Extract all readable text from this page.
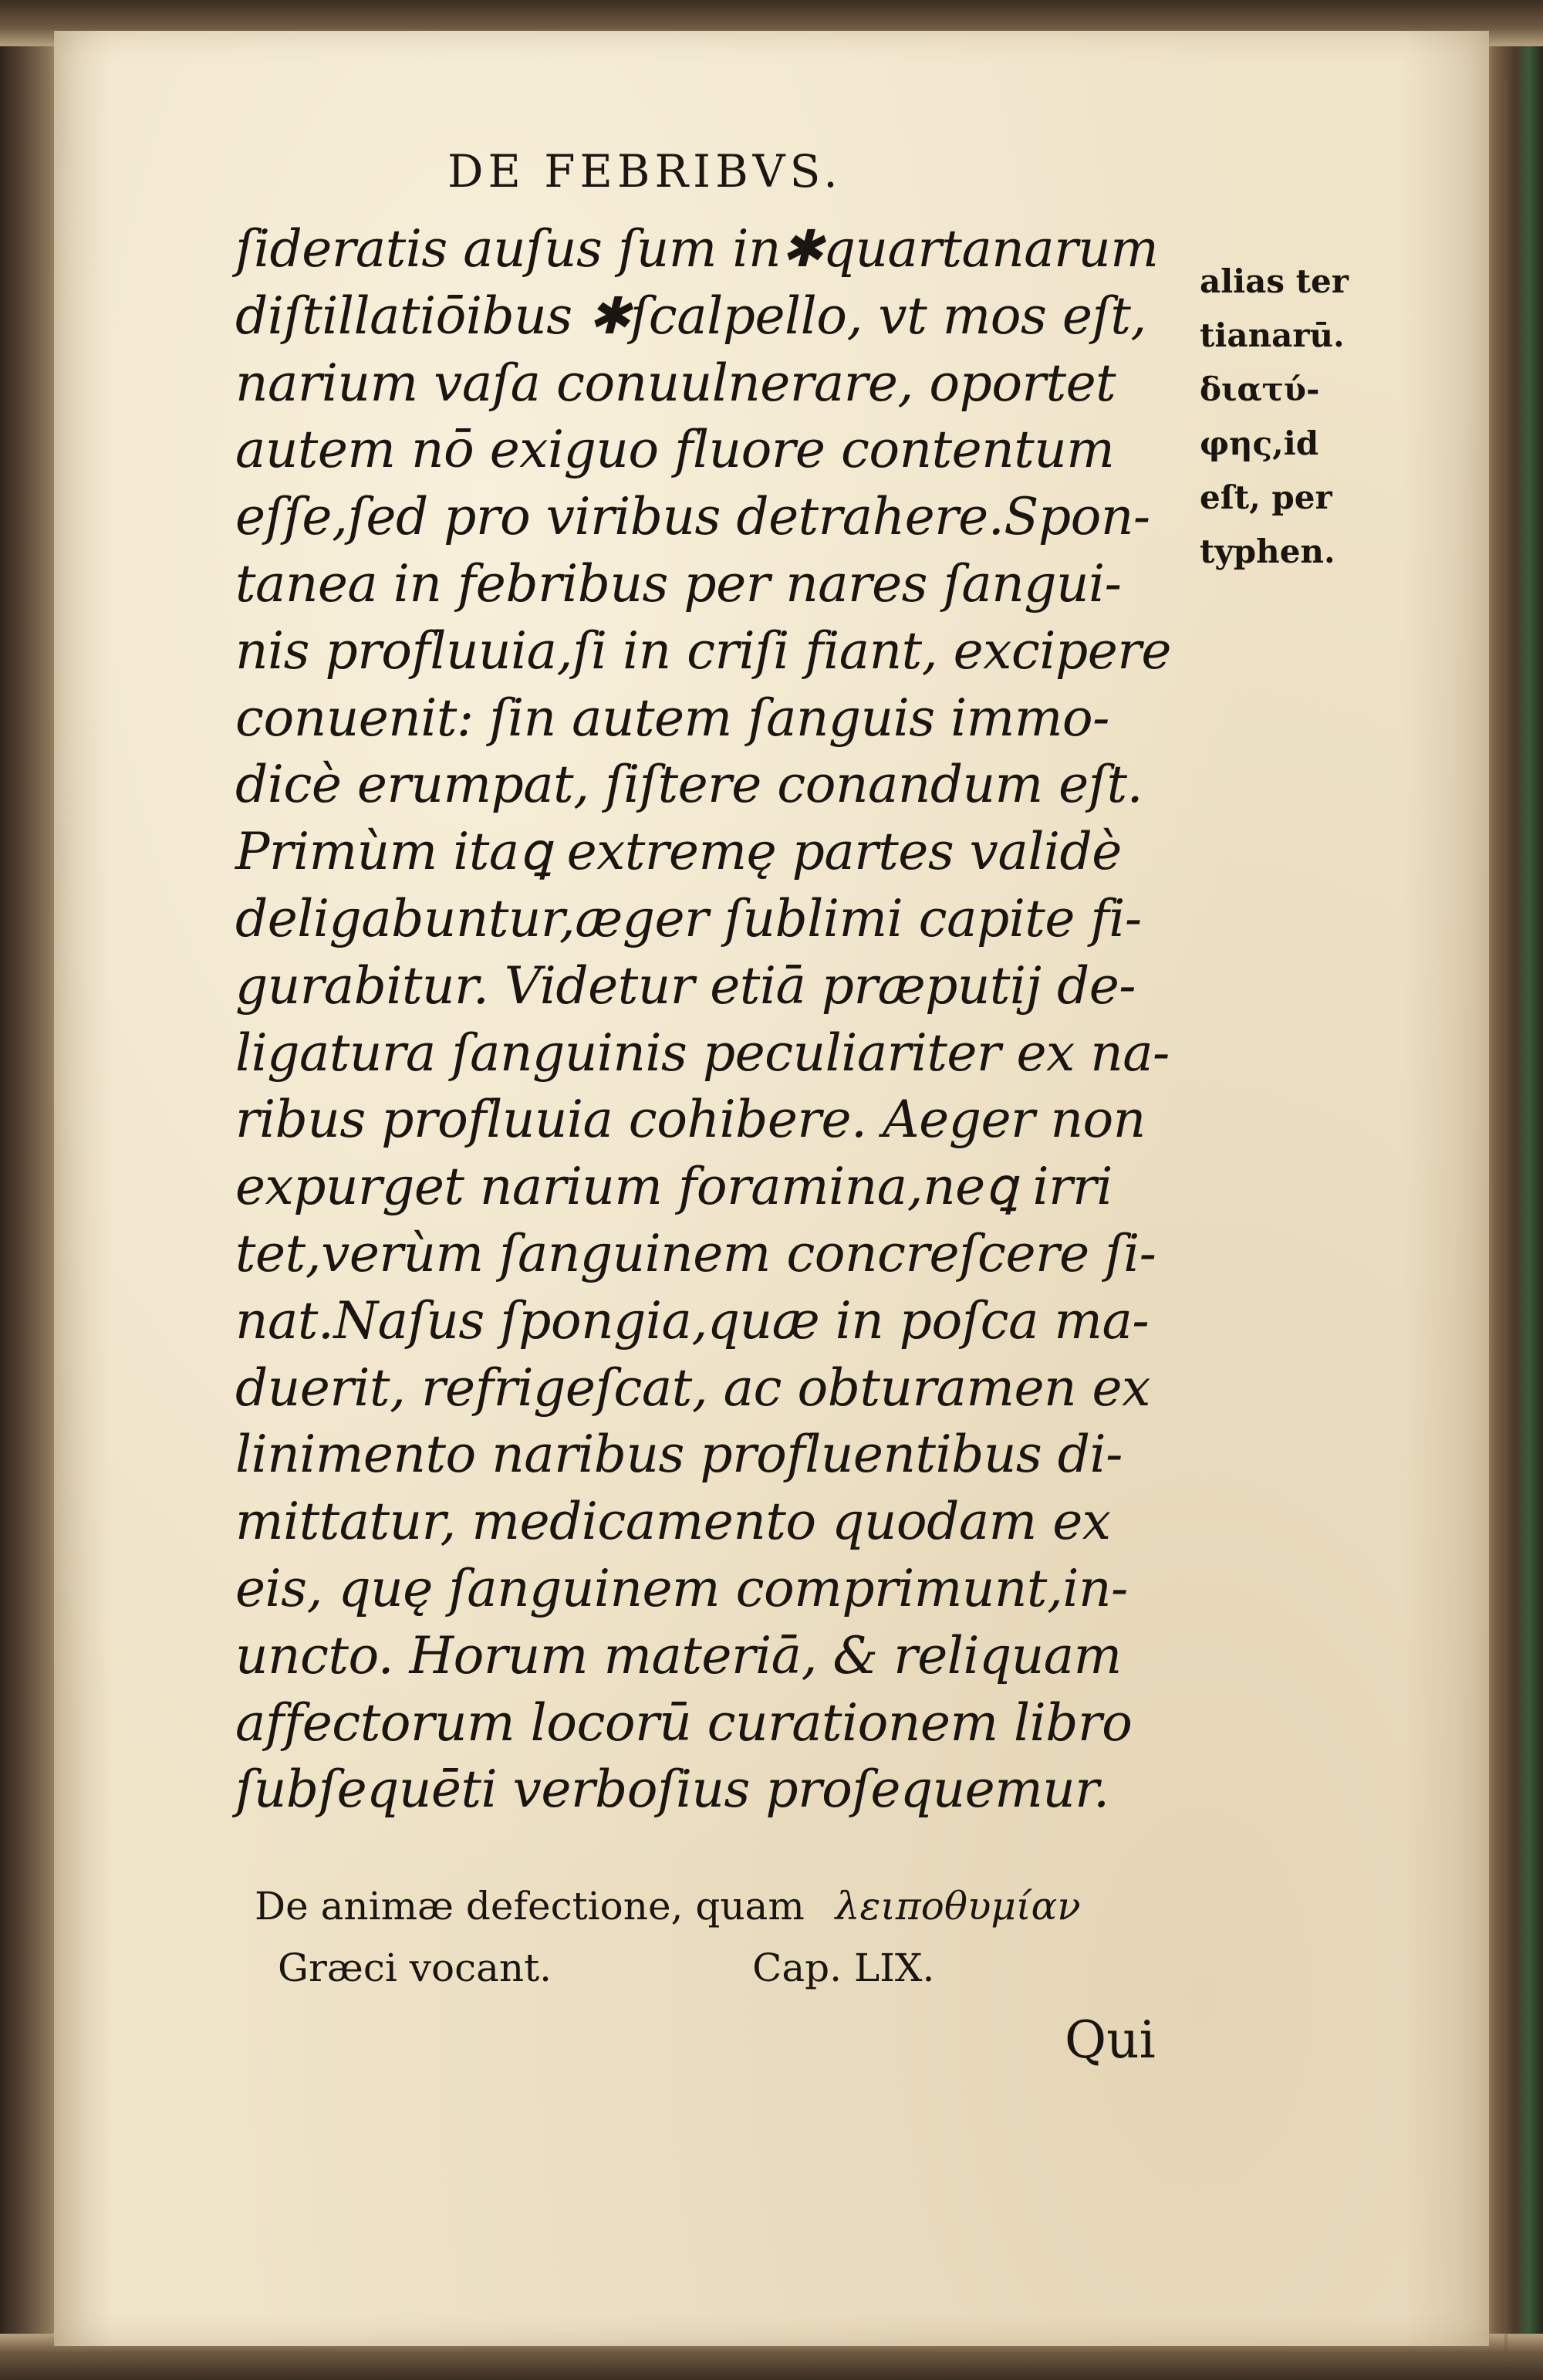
DE FEBRIBVS.
ſideratis auſus ſum in✱quartanarum
diſtillatiōibus ✱ſcalpello, vt mos eſt,
narium vaſa conuulnerare, oportet
autem nō exiguo fluore contentum
eſſe,ſed pro viribus detrahere.Spon-
tanea in febribus per nares ſangui-
nis profluuia,ſi in criſi fiant, excipere
conuenit: ſin autem ſanguis immo-
dicè erumpat, ſiſtere conandum eſt.
Primùm itaꝗ extremę partes validè
deligabuntur,æger ſublimi capite fi-
gurabitur. Videtur etiā præputij de-
ligatura ſanguinis peculiariter ex na-
ribus profluuia cohibere. Aeger non
expurget narium foramina,neꝗ irri
tet,verùm ſanguinem concreſcere ſi-
nat.Naſus ſpongia,quæ in poſca ma-
duerit, refrigeſcat, ac obturamen ex
linimento naribus profluentibus di-
mittatur, medicamento quodam ex
eis, quę ſanguinem comprimunt,in-
uncto. Horum materiā, & reliquam
affectorum locorū curationem libro
ſubſequēti verboſius proſequemur.
alias ter
tianarū.
διατύ-
φης,id
eſt, per
typhen.
De animæ defectione, quam λειποθυμίαν
Græci vocant.	Cap. LIX.
Qui
